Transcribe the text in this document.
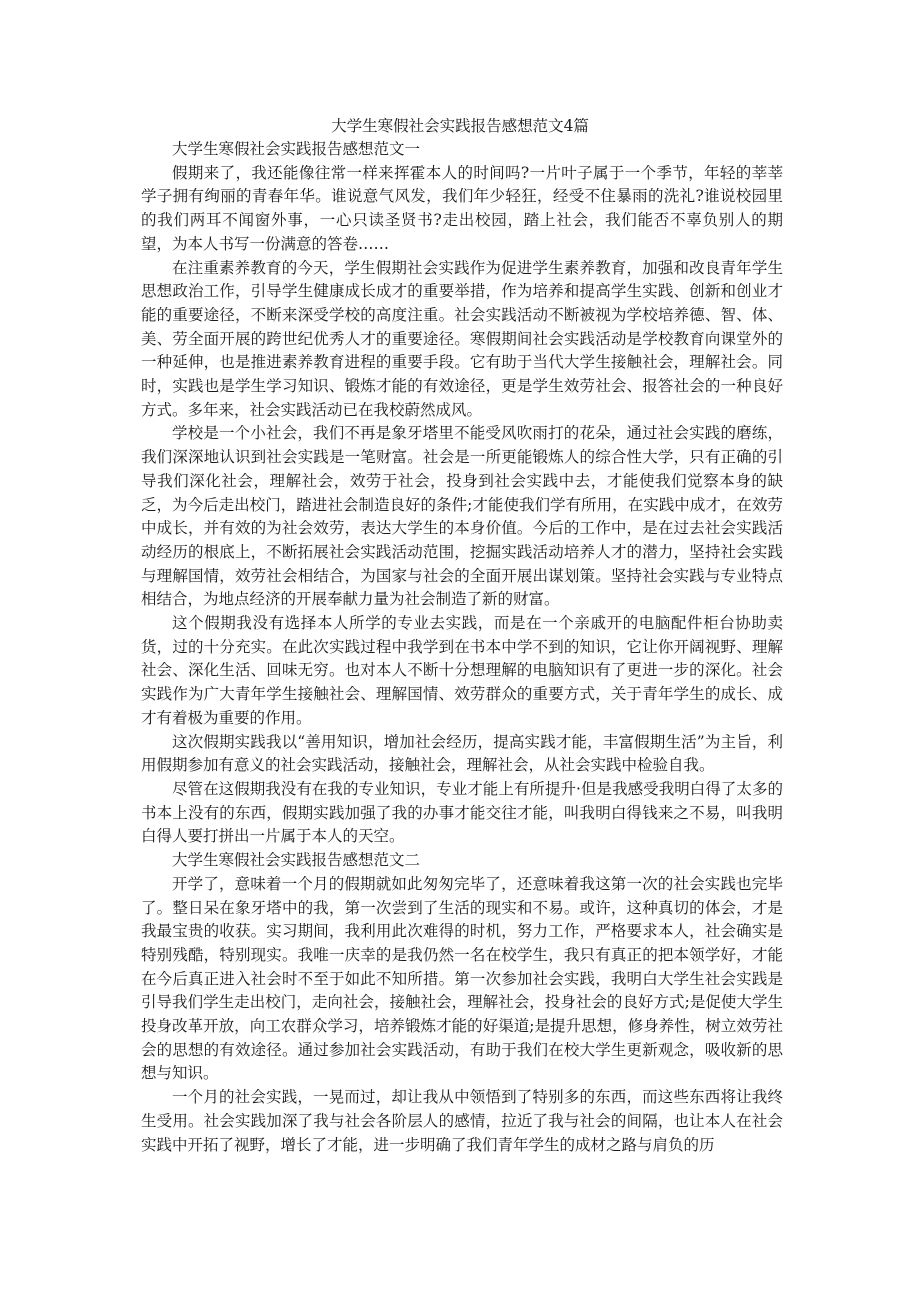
大学生寒假社会实践报告感想范文4篇

大学生寒假社会实践报告感想范文一

假期来了，我还能像往常一样来挥霍本人的时间吗?一片叶子属于一个季节，年轻的莘莘学子拥有绚丽的青春年华。谁说意气风发，我们年少轻狂，经受不住暴雨的洗礼?谁说校园里的我们两耳不闻窗外事，一心只读圣贤书?走出校园，踏上社会，我们能否不辜负别人的期望，为本人书写一份满意的答卷……

在注重素养教育的今天，学生假期社会实践作为促进学生素养教育，加强和改良青年学生思想政治工作，引导学生健康成长成才的重要举措，作为培养和提高学生实践、创新和创业才能的重要途径，不断来深受学校的高度注重。社会实践活动不断被视为学校培养德、智、体、美、劳全面开展的跨世纪优秀人才的重要途径。寒假期间社会实践活动是学校教育向课堂外的一种延伸，也是推进素养教育进程的重要手段。它有助于当代大学生接触社会，理解社会。同时，实践也是学生学习知识、锻炼才能的有效途径，更是学生效劳社会、报答社会的一种良好方式。多年来，社会实践活动已在我校蔚然成风。

学校是一个小社会，我们不再是象牙塔里不能受风吹雨打的花朵，通过社会实践的磨练，我们深深地认识到社会实践是一笔财富。社会是一所更能锻炼人的综合性大学，只有正确的引导我们深化社会，理解社会，效劳于社会，投身到社会实践中去，才能使我们觉察本身的缺乏，为今后走出校门，踏进社会制造良好的条件;才能使我们学有所用，在实践中成才，在效劳中成长，并有效的为社会效劳，表达大学生的本身价值。今后的工作中，是在过去社会实践活动经历的根底上，不断拓展社会实践活动范围，挖掘实践活动培养人才的潜力，坚持社会实践与理解国情，效劳社会相结合，为国家与社会的全面开展出谋划策。坚持社会实践与专业特点相结合，为地点经济的开展奉献力量为社会制造了新的财富。

这个假期我没有选择本人所学的专业去实践，而是在一个亲戚开的电脑配件柜台协助卖货，过的十分充实。在此次实践过程中我学到在书本中学不到的知识，它让你开阔视野、理解社会、深化生活、回味无穷。也对本人不断十分想理解的电脑知识有了更进一步的深化。社会实践作为广大青年学生接触社会、理解国情、效劳群众的重要方式，关于青年学生的成长、成才有着极为重要的作用。

这次假期实践我以“善用知识，增加社会经历，提高实践才能，丰富假期生活”为主旨，利用假期参加有意义的社会实践活动，接触社会，理解社会，从社会实践中检验自我。

尽管在这假期我没有在我的专业知识，专业才能上有所提升·但是我感受我明白得了太多的书本上没有的东西，假期实践加强了我的办事才能交往才能，叫我明白得钱来之不易，叫我明白得人要打拼出一片属于本人的天空。

大学生寒假社会实践报告感想范文二

开学了，意味着一个月的假期就如此匆匆完毕了，还意味着我这第一次的社会实践也完毕了。整日呆在象牙塔中的我，第一次尝到了生活的现实和不易。或许，这种真切的体会，才是我最宝贵的收获。实习期间，我利用此次难得的时机，努力工作，严格要求本人，社会确实是特别残酷，特别现实。我唯一庆幸的是我仍然一名在校学生，我只有真正的把本领学好，才能在今后真正进入社会时不至于如此不知所措。第一次参加社会实践，我明白大学生社会实践是引导我们学生走出校门，走向社会，接触社会，理解社会，投身社会的良好方式;是促使大学生投身改革开放，向工农群众学习，培养锻炼才能的好渠道;是提升思想，修身养性，树立效劳社会的思想的有效途径。通过参加社会实践活动，有助于我们在校大学生更新观念，吸收新的思想与知识。

一个月的社会实践，一晃而过，却让我从中领悟到了特别多的东西，而这些东西将让我终生受用。社会实践加深了我与社会各阶层人的感情，拉近了我与社会的间隔，也让本人在社会实践中开拓了视野，增长了才能，进一步明确了我们青年学生的成材之路与肩负的历
